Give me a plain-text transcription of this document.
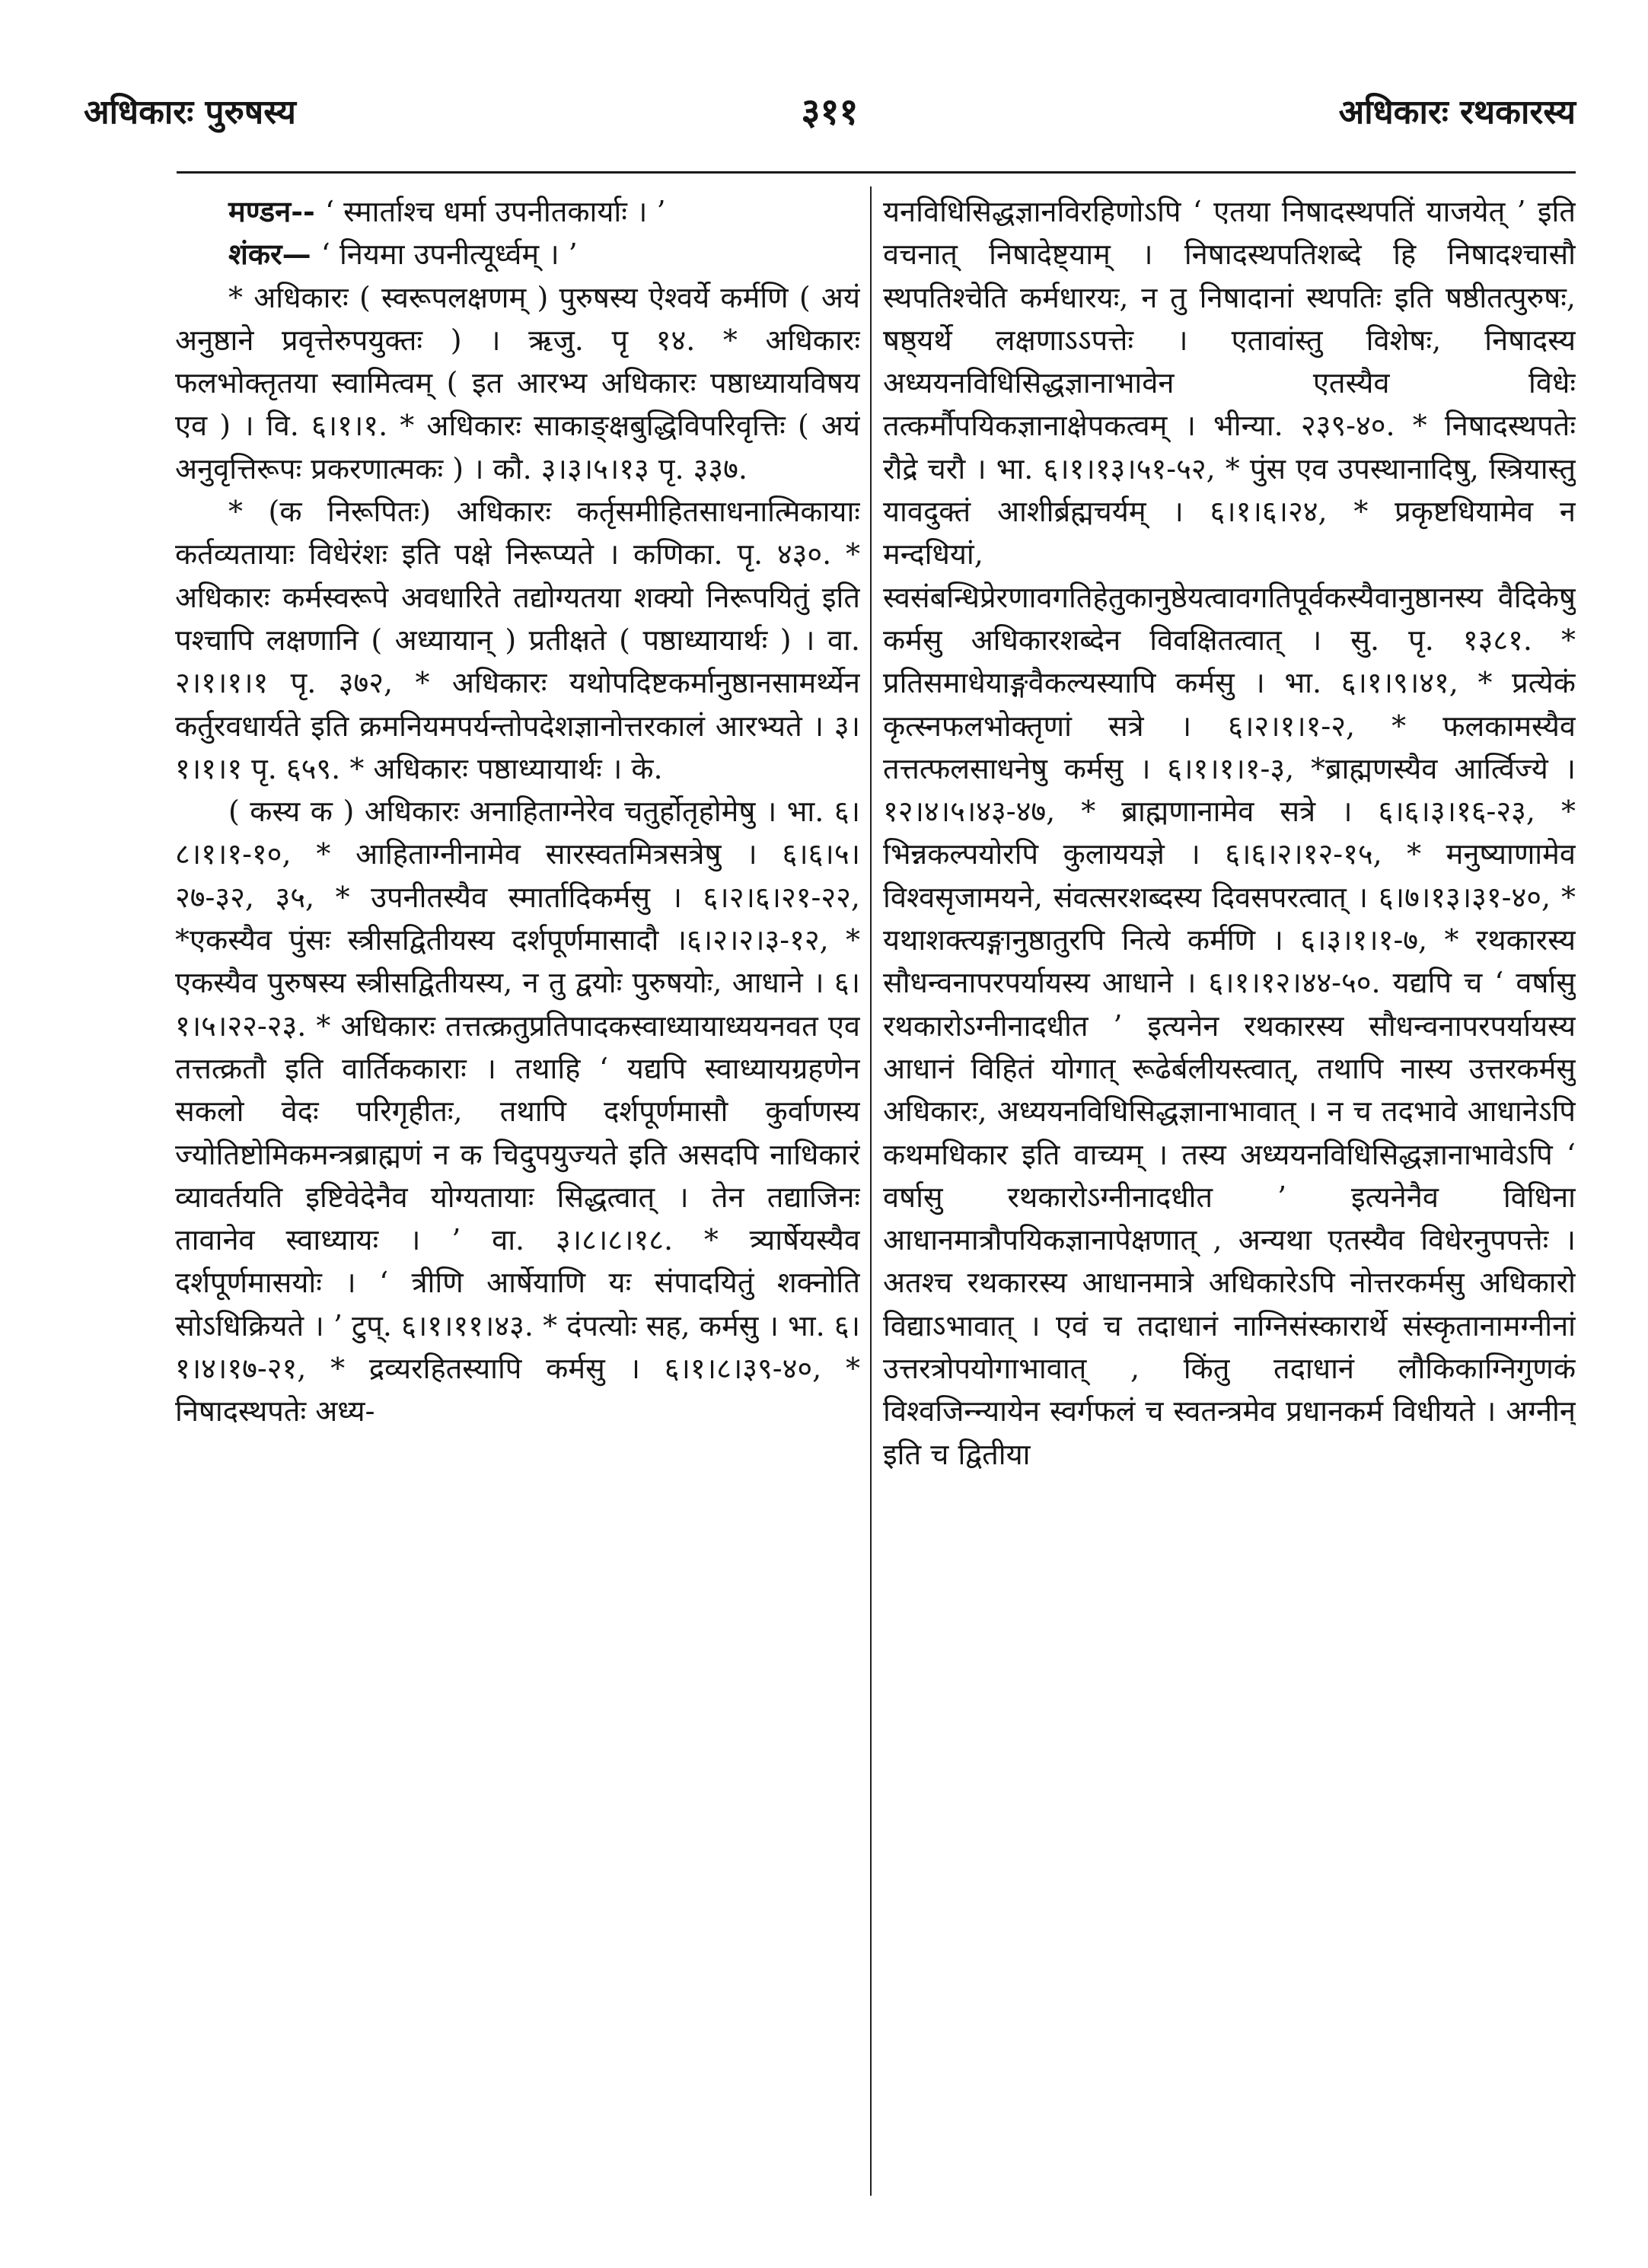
अधिकारः पुरुषस्य	३११	अधिकारः रथकारस्य

मण्डन-- ‘ स्मार्ताश्च धर्मा उपनीतकार्याः । ’

शंकर— ‘ नियमा उपनीत्यूर्ध्वम् । ’

* अधिकारः ( स्वरूपलक्षणम् ) पुरुषस्य ऐश्वर्ये कर्मणि ( अयं अनुष्ठाने प्रवृत्तेरुपयुक्तः ) । ऋजु. पृ १४. * अधिकारः फलभोक्तृतया स्वामित्वम् ( इत आरभ्य अधिकारः पष्ठाध्यायविषय एव ) । वि. ६।१।१. * अधिकारः साकाङ्क्षबुद्धिविपरिवृत्तिः ( अयं अनुवृत्तिरूपः प्रकरणात्मकः ) । कौ. ३।३।५।१३ पृ. ३३७.

* (क निरूपितः) अधिकारः कर्तृसमीहितसाधनात्मिकायाः कर्तव्यतायाः विधेरंशः इति पक्षे निरूप्यते । कणिका. पृ. ४३०. * अधिकारः कर्मस्वरूपे अवधारिते तद्योग्यतया शक्यो निरूपयितुं इति पश्चापि लक्षणानि ( अध्यायान् ) प्रतीक्षते ( पष्ठाध्यायार्थः ) । वा. २।१।१।१ पृ. ३७२, * अधिकारः यथोपदिष्टकर्मानुष्ठानसामर्थ्येन कर्तुरवधार्यते इति क्रमनियमपर्यन्तोपदेशज्ञानोत्तरकालं आरभ्यते । ३।१।१।१ पृ. ६५९. * अधिकारः पष्ठाध्यायार्थः । के.

( कस्य क ) अधिकारः अनाहिताग्नेरेव चतुर्होतृहोमेषु । भा. ६।८।१।१-१०, * आहिताग्नीनामेव सारस्वतमित्रसत्रेषु । ६।६।५।२७-३२, ३५, * उपनीतस्यैव स्मार्तादिकर्मसु । ६।२।६।२१-२२, *एकस्यैव पुंसः स्त्रीसद्वितीयस्य दर्शपूर्णमासादौ ।६।२।२।३-१२, * एकस्यैव पुरुषस्य स्त्रीसद्वितीयस्य, न तु द्वयोः पुरुषयोः, आधाने । ६।१।५।२२-२३. * अधिकारः तत्तत्क्रतुप्रतिपादकस्वाध्यायाध्ययनवत एव तत्तत्क्रतौ इति वार्तिककाराः । तथाहि ‘ यद्यपि स्वाध्यायग्रहणेन सकलो वेदः परिगृहीतः, तथापि दर्शपूर्णमासौ कुर्वाणस्य ज्योतिष्टोमिकमन्त्रब्राह्मणं न क चिदुपयुज्यते इति असदपि नाधिकारं व्यावर्तयति इष्टिवेदेनैव योग्यतायाः सिद्धत्वात् । तेन तद्याजिनः तावानेव स्वाध्यायः । ’ वा. ३।८।८।१८. * त्र्यार्षेयस्यैव दर्शपूर्णमासयोः । ‘ त्रीणि आर्षेयाणि यः संपादयितुं शक्नोति सोऽधिक्रियते । ’ टुप्. ६।१।११।४३. * दंपत्योः सह, कर्मसु । भा. ६।१।४।१७-२१, * द्रव्यरहितस्यापि कर्मसु । ६।१।८।३९-४०, * निषादस्थपतेः अध्य-

यनविधिसिद्धज्ञानविरहिणोऽपि ‘ एतया निषादस्थपतिं याजयेत् ’ इति वचनात् निषादेष्ट्याम् । निषादस्थपतिशब्दे हि निषादश्चासौ स्थपतिश्चेति कर्मधारयः, न तु निषादानां स्थपतिः इति षष्ठीतत्पुरुषः, षष्ठ्यर्थे लक्षणाऽऽपत्तेः । एतावांस्तु विशेषः, निषादस्य अध्ययनविधिसिद्धज्ञानाभावेन एतस्यैव विधेः तत्कर्मौपयिकज्ञानाक्षेपकत्वम् । भीन्या. २३९-४०. * निषादस्थपतेः रौद्रे चरौ । भा. ६।१।१३।५१-५२, * पुंस एव उपस्थानादिषु, स्त्रियास्तु यावदुक्तं आशीर्ब्रह्मचर्यम् । ६।१।६।२४, * प्रकृष्टधियामेव न मन्दधियां, स्वसंबन्धिप्रेरणावगतिहेतुकानुष्ठेयत्वावगतिपूर्वकस्यैवानुष्ठानस्य वैदिकेषु कर्मसु अधिकारशब्देन विवक्षितत्वात् । सु. पृ. १३८१. * प्रतिसमाधेयाङ्गवैकल्यस्यापि कर्मसु । भा. ६।१।९।४१, * प्रत्येकं कृत्स्नफलभोक्तृणां सत्रे । ६।२।१।१-२, * फलकामस्यैव तत्तत्फलसाधनेषु कर्मसु । ६।१।१।१-३, *ब्राह्मणस्यैव आर्त्विज्ये । १२।४।५।४३-४७, * ब्राह्मणानामेव सत्रे । ६।६।३।१६-२३, * भिन्नकल्पयोरपि कुलाययज्ञे । ६।६।२।१२-१५, * मनुष्याणामेव विश्वसृजामयने, संवत्सरशब्दस्य दिवसपरत्वात् । ६।७।१३।३१-४०, * यथाशक्त्यङ्गानुष्ठातुरपि नित्ये कर्मणि । ६।३।१।१-७, * रथकारस्य सौधन्वनापरपर्यायस्य आधाने । ६।१।१२।४४-५०. यद्यपि च ‘ वर्षासु रथकारोऽग्नीनादधीत ’ इत्यनेन रथकारस्य सौधन्वनापरपर्यायस्य आधानं विहितं योगात् रूढेर्बलीयस्त्वात्, तथापि नास्य उत्तरकर्मसु अधिकारः, अध्ययनविधिसिद्धज्ञानाभावात् । न च तदभावे आधानेऽपि कथमधिकार इति वाच्यम् । तस्य अध्ययनविधिसिद्धज्ञानाभावेऽपि ‘ वर्षासु रथकारोऽग्नीनादधीत ’ इत्यनेनैव विधिना आधानमात्रौपयिकज्ञानापेक्षणात् , अन्यथा एतस्यैव विधेरनुपपत्तेः । अतश्च रथकारस्य आधानमात्रे अधिकारेऽपि नोत्तरकर्मसु अधिकारो विद्याऽभावात् । एवं च तदाधानं नाग्निसंस्कारार्थे संस्कृतानामग्नीनां उत्तरत्रोपयोगाभावात् , किंतु तदाधानं लौकिकाग्निगुणकं विश्वजिन्न्यायेन स्वर्गफलं च स्वतन्त्रमेव प्रधानकर्म विधीयते । अग्नीन् इति च द्वितीया
